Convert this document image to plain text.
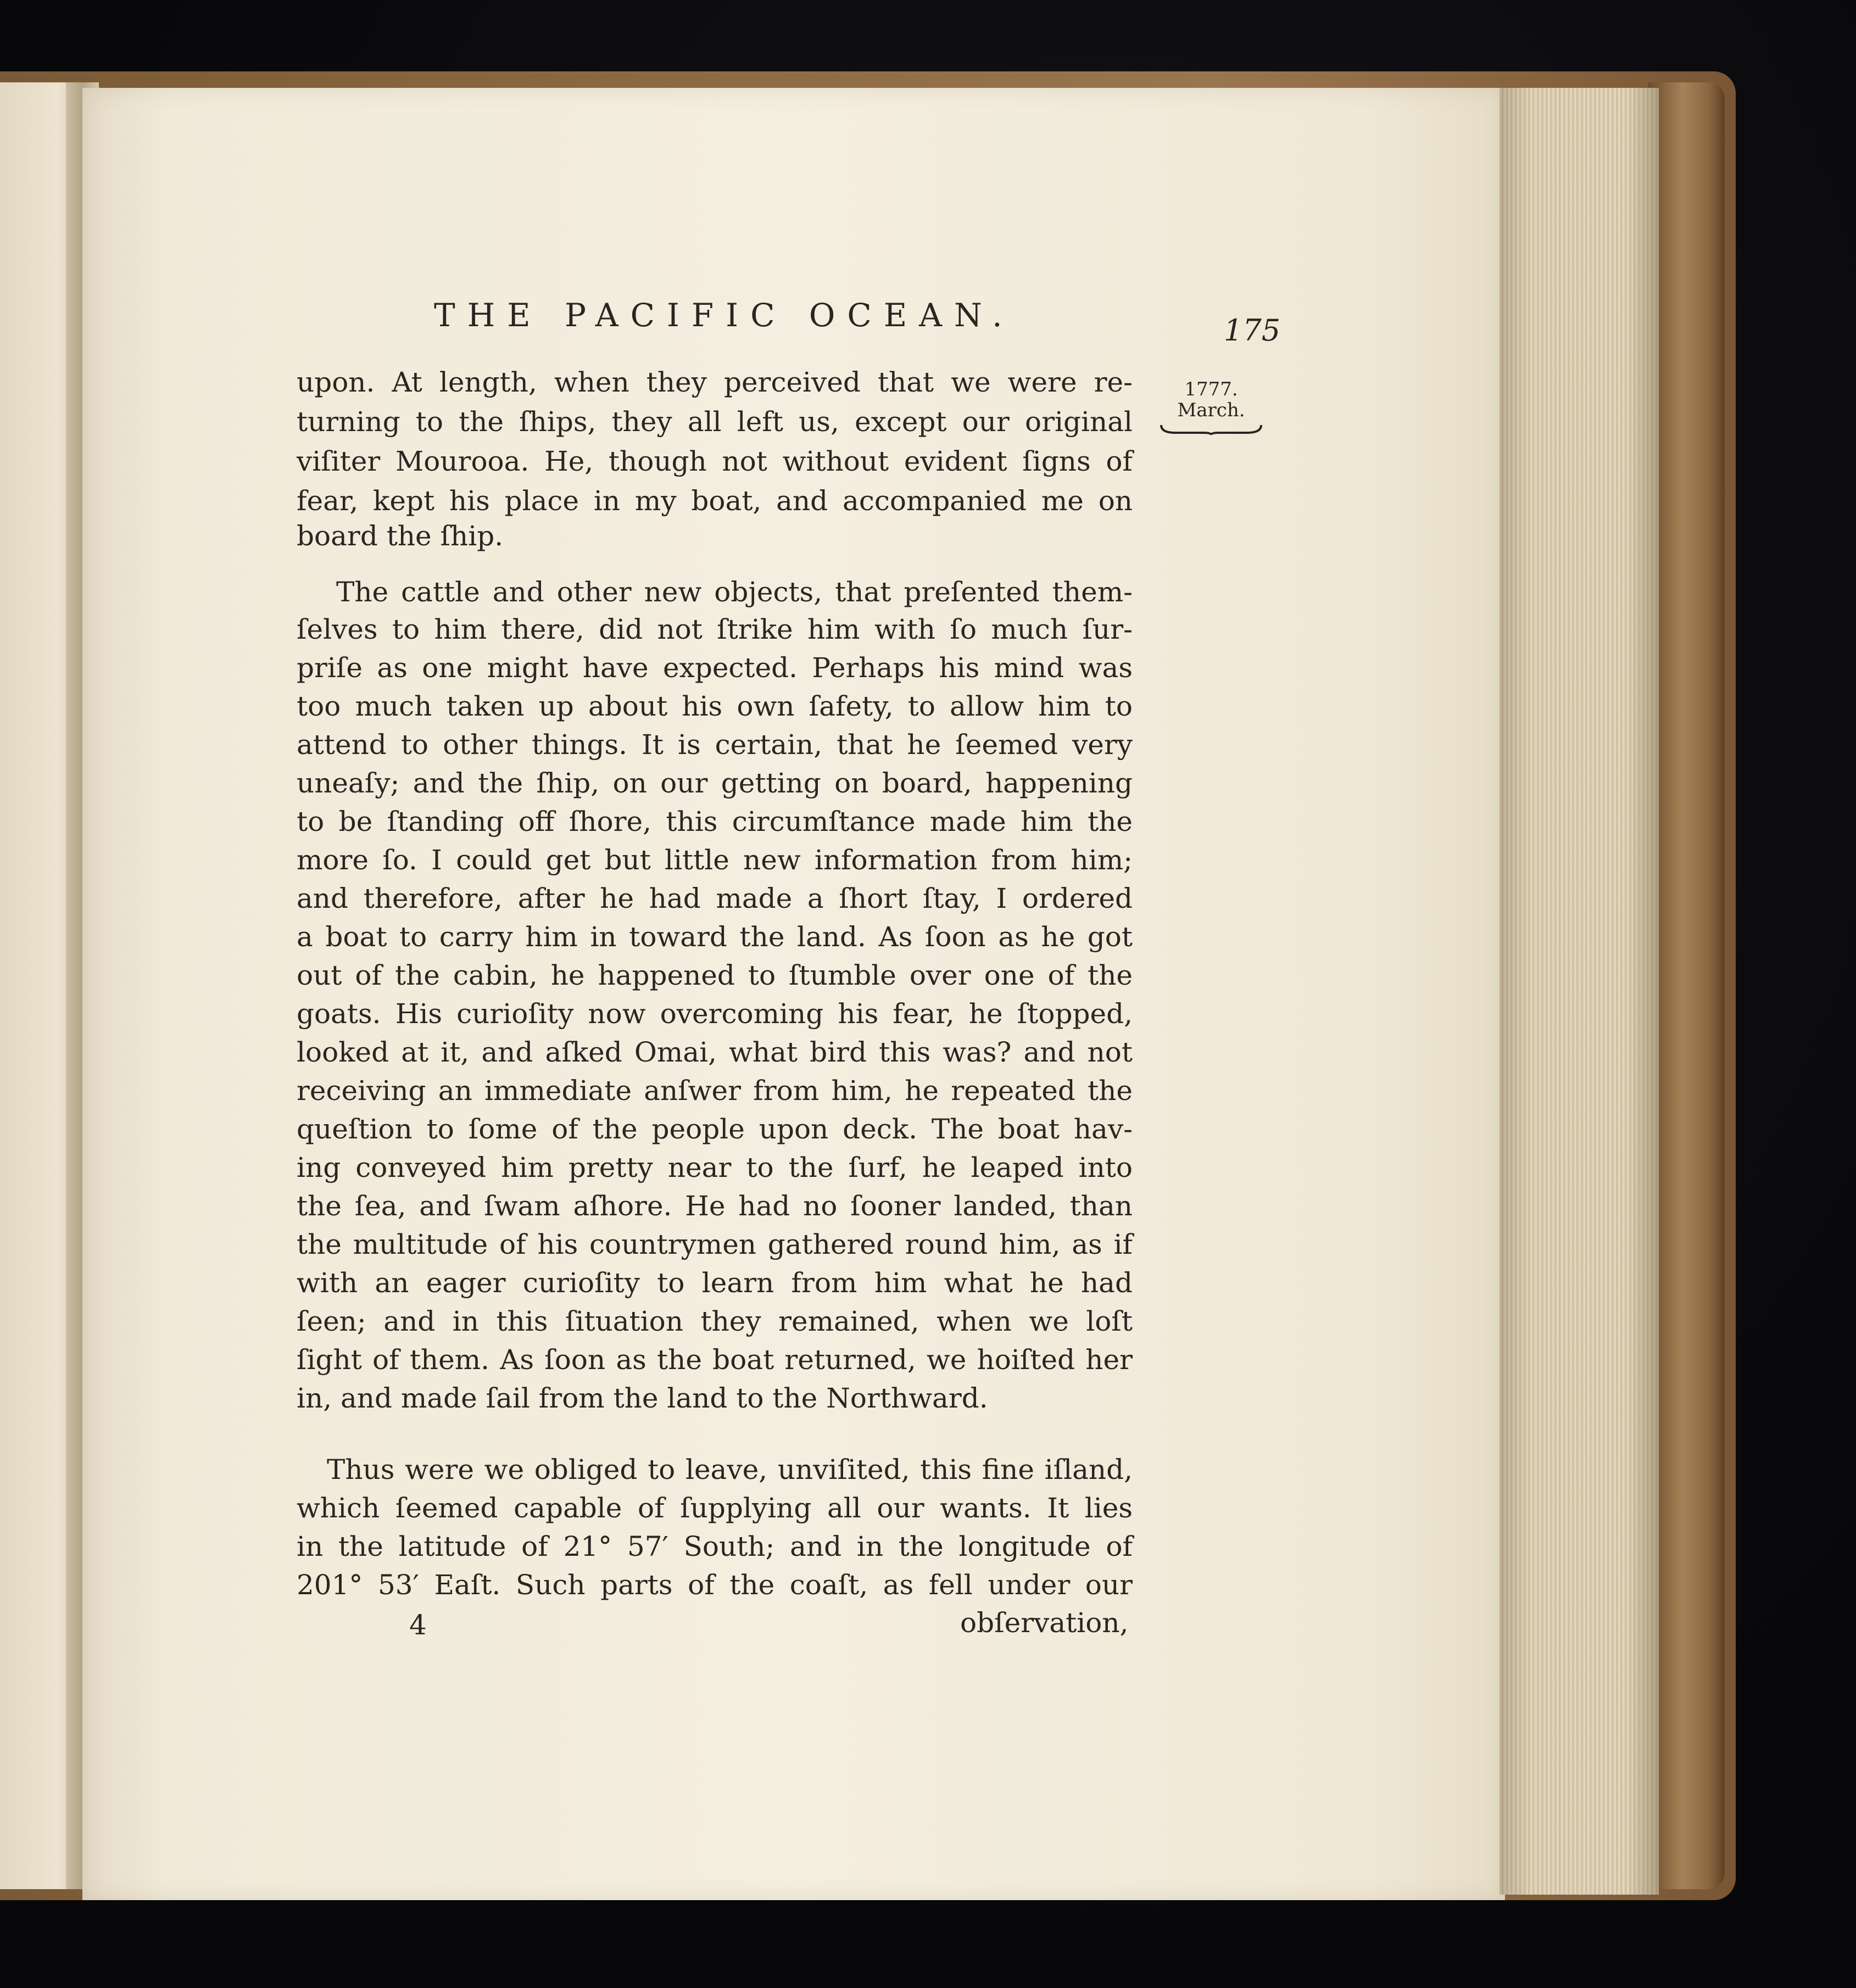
THE PACIFIC OCEAN.	175
1777.
March.
upon. At length, when they perceived that we were re-
turning to the ſhips, they all left us, except our original
viſiter Mourooa. He, though not without evident ſigns of
fear, kept his place in my boat, and accompanied me on
board the ſhip.
The cattle and other new objects, that preſented them-
ſelves to him there, did not ſtrike him with ſo much ſur-
priſe as one might have expected. Perhaps his mind was
too much taken up about his own ſafety, to allow him to
attend to other things. It is certain, that he ſeemed very
uneaſy; and the ſhip, on our getting on board, happening
to be ſtanding off ſhore, this circumſtance made him the
more ſo. I could get but little new information from him;
and therefore, after he had made a ſhort ſtay, I ordered
a boat to carry him in toward the land. As ſoon as he got
out of the cabin, he happened to ſtumble over one of the
goats. His curioſity now overcoming his fear, he ſtopped,
looked at it, and aſked Omai, what bird this was? and not
receiving an immediate anſwer from him, he repeated the
queſtion to ſome of the people upon deck. The boat hav-
ing conveyed him pretty near to the ſurf, he leaped into
the ſea, and ſwam aſhore. He had no ſooner landed, than
the multitude of his countrymen gathered round him, as if
with an eager curioſity to learn from him what he had
ſeen; and in this ſituation they remained, when we loſt
ſight of them. As ſoon as the boat returned, we hoiſted her
in, and made ſail from the land to the Northward.
Thus were we obliged to leave, unviſited, this fine iſland,
which ſeemed capable of ſupplying all our wants. It lies
in the latitude of 21° 57′ South; and in the longitude of
201° 53′ Eaſt. Such parts of the coaſt, as fell under our
4	obſervation,
